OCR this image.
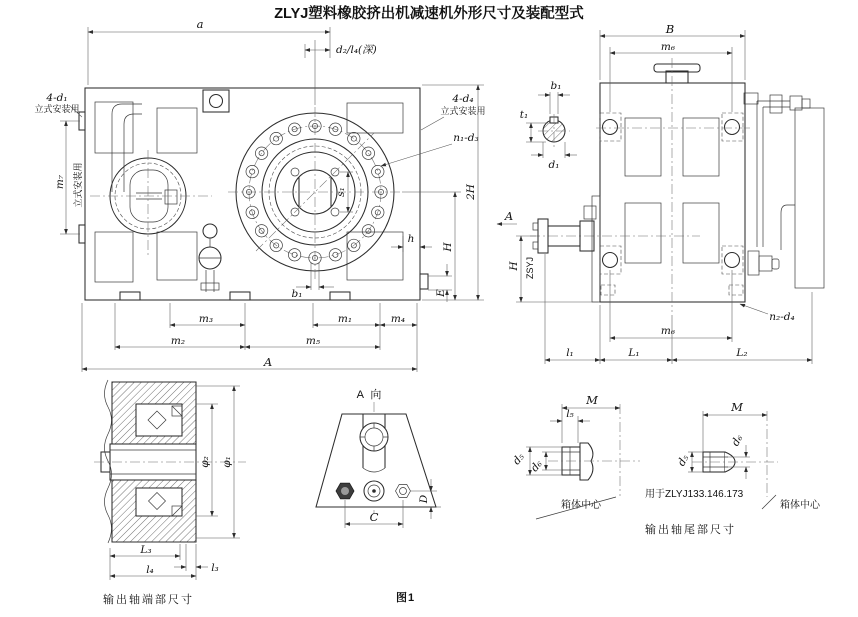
ZLYJ塑料橡胶挤出机减速机外形尺寸及装配型式
a
d₂/l₄(深)
4-d₁
立式安装用
m₇ 立式安装用
4-d₄
立式安装用
n₁-d₃
2H
H
h
E
b₁
s₁
m₃	m₁	m₄
m₂	m₅
A
b₁
t₁
d₁
n₂-d₄
B
m₆
m₆
l₁	L₁	L₂
H ZSYJ
A
φ₂ φ₁
L₃
l₃
l₄
输出轴端部尺寸
A 向
C
D
M
l₅
d₅ d₆
箱体中心
M
d₅
d₆
用于ZLYJ133.146.173
箱体中心
输出轴尾部尺寸
图1
